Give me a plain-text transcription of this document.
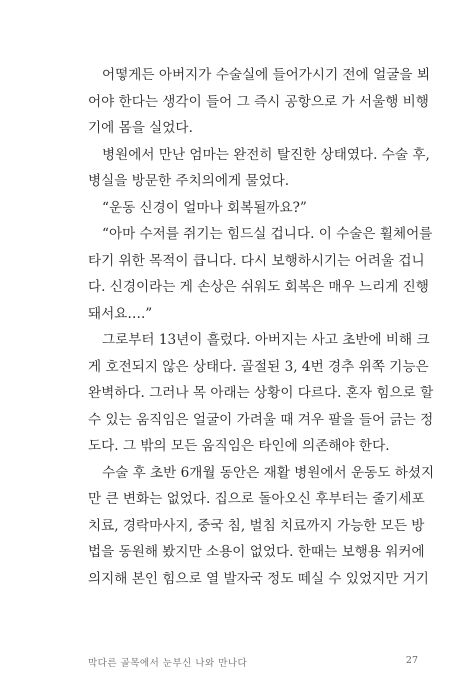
어떻게든 아버지가 수술실에 들어가시기 전에 얼굴을 뵈
어야 한다는 생각이 들어 그 즉시 공항으로 가 서울행 비행
기에 몸을 실었다.
병원에서 만난 엄마는 완전히 탈진한 상태였다. 수술 후,
병실을 방문한 주치의에게 물었다.
“운동 신경이 얼마나 회복될까요?”
“아마 수저를 쥐기는 힘드실 겁니다. 이 수술은 휠체어를
타기 위한 목적이 큽니다. 다시 보행하시기는 어려울 겁니
다. 신경이라는 게 손상은 쉬워도 회복은 매우 느리게 진행
돼서요….”
그로부터 13년이 흘렀다. 아버지는 사고 초반에 비해 크
게 호전되지 않은 상태다. 골절된 3, 4번 경추 위쪽 기능은
완벽하다. 그러나 목 아래는 상황이 다르다. 혼자 힘으로 할
수 있는 움직임은 얼굴이 가려울 때 겨우 팔을 들어 긁는 정
도다. 그 밖의 모든 움직임은 타인에 의존해야 한다.
수술 후 초반 6개월 동안은 재활 병원에서 운동도 하셨지
만 큰 변화는 없었다. 집으로 돌아오신 후부터는 줄기세포
치료, 경락마사지, 중국 침, 벌침 치료까지 가능한 모든 방
법을 동원해 봤지만 소용이 없었다. 한때는 보행용 워커에
의지해 본인 힘으로 열 발자국 정도 떼실 수 있었지만 거기
막다른 골목에서 눈부신 나와 만나다	27
